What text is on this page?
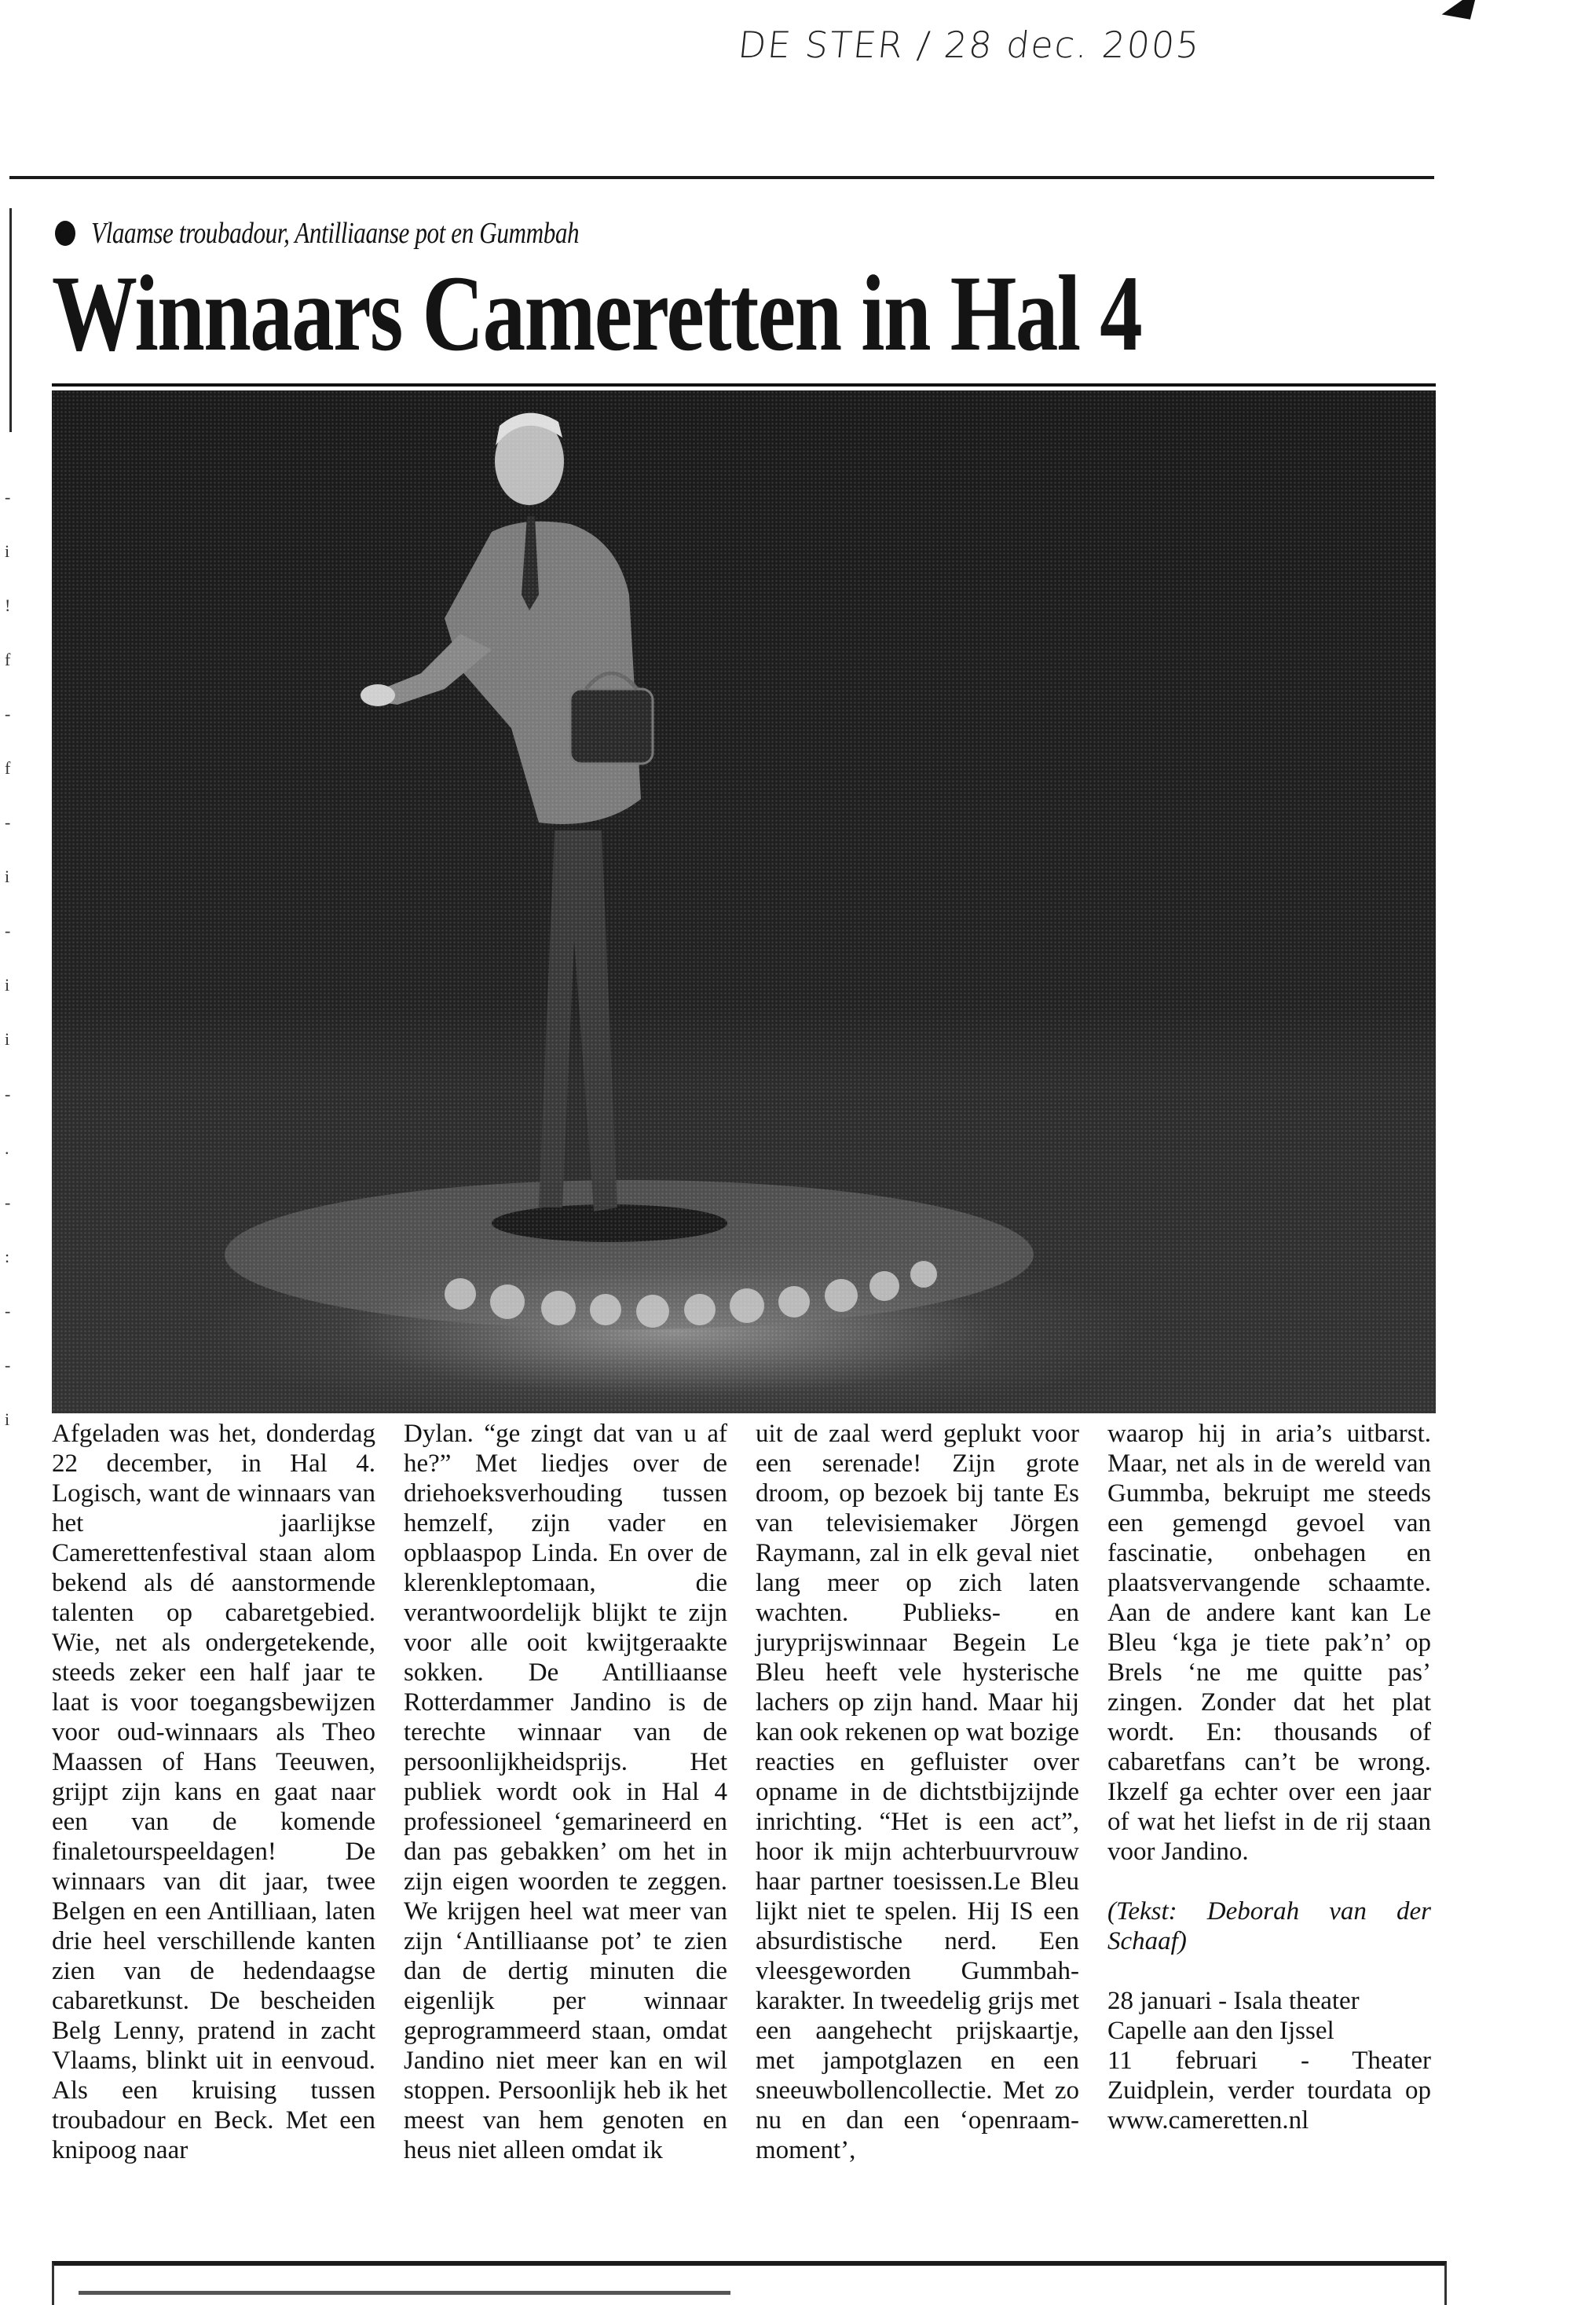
DE STER / 28 dec. 2005
-
i
!
f
-
f
-
i
-
i
i
-
.
-
:
-
-
i
Vlaamse troubadour, Antilliaanse pot en Gummbah
Winnaars Cameretten in Hal 4

Afgeladen was het, donderdag 22 december, in Hal 4. Logisch, want de winnaars van het jaarlijkse Camerettenfestival staan alom bekend als dé aanstormende talenten op cabaretgebied. Wie, net als ondergetekende, steeds zeker een half jaar te laat is voor toegangsbewijzen voor oud-winnaars als Theo Maassen of Hans Teeuwen, grijpt zijn kans en gaat naar een van de komende finaletourspeeldagen! De winnaars van dit jaar, twee Belgen en een Antilliaan, laten drie heel verschillende kanten zien van de hedendaagse cabaretkunst. De bescheiden Belg Lenny, pratend in zacht Vlaams, blinkt uit in eenvoud. Als een kruising tussen troubadour en Beck. Met een knipoog naar

Dylan. “ge zingt dat van u af he?” Met liedjes over de driehoeksverhouding tussen hemzelf, zijn vader en opblaaspop Linda. En over de klerenkleptomaan, die verantwoordelijk blijkt te zijn voor alle ooit kwijtgeraakte sokken. De Antilliaanse Rotterdammer Jandino is de terechte winnaar van de persoonlijkheidsprijs. Het publiek wordt ook in Hal 4 professioneel ‘gemarineerd en dan pas gebakken’ om het in zijn eigen woorden te zeggen. We krijgen heel wat meer van zijn ‘Antilliaanse pot’ te zien dan de dertig minuten die eigenlijk per winnaar geprogrammeerd staan, omdat Jandino niet meer kan en wil stoppen. Persoonlijk heb ik het meest van hem genoten en heus niet alleen omdat ik

uit de zaal werd geplukt voor een serenade! Zijn grote droom, op bezoek bij tante Es van televisiemaker Jörgen Raymann, zal in elk geval niet lang meer op zich laten wachten. Publieks- en juryprijswinnaar Begein Le Bleu heeft vele hysterische lachers op zijn hand. Maar hij kan ook rekenen op wat bozige reacties en gefluister over opname in de dichtstbijzijnde inrichting. “Het is een act”, hoor ik mijn achterbuurvrouw haar partner toesissen.Le Bleu lijkt niet te spelen. Hij IS een absurdistische nerd. Een vleesgeworden Gummbah-karakter. In tweedelig grijs met een aangehecht prijskaartje, met jampotglazen en een sneeuwbollencollectie. Met zo nu en dan een ‘openraam-moment’,

waarop hij in aria’s uitbarst. Maar, net als in de wereld van Gummba, bekruipt me steeds een gemengd gevoel van fascinatie, onbehagen en plaatsvervangende schaamte. Aan de andere kant kan Le Bleu ‘kga je tiete pak’n’ op Brels ‘ne me quitte pas’ zingen. Zonder dat het plat wordt. En: thousands of cabaretfans can’t be wrong. Ikzelf ga echter over een jaar of wat het liefst in de rij staan voor Jandino.

(Tekst: Deborah van der Schaaf)

28 januari - Isala theater Capelle aan den Ijssel

11 februari - Theater Zuidplein, verder tourdata op www.cameretten.nl
